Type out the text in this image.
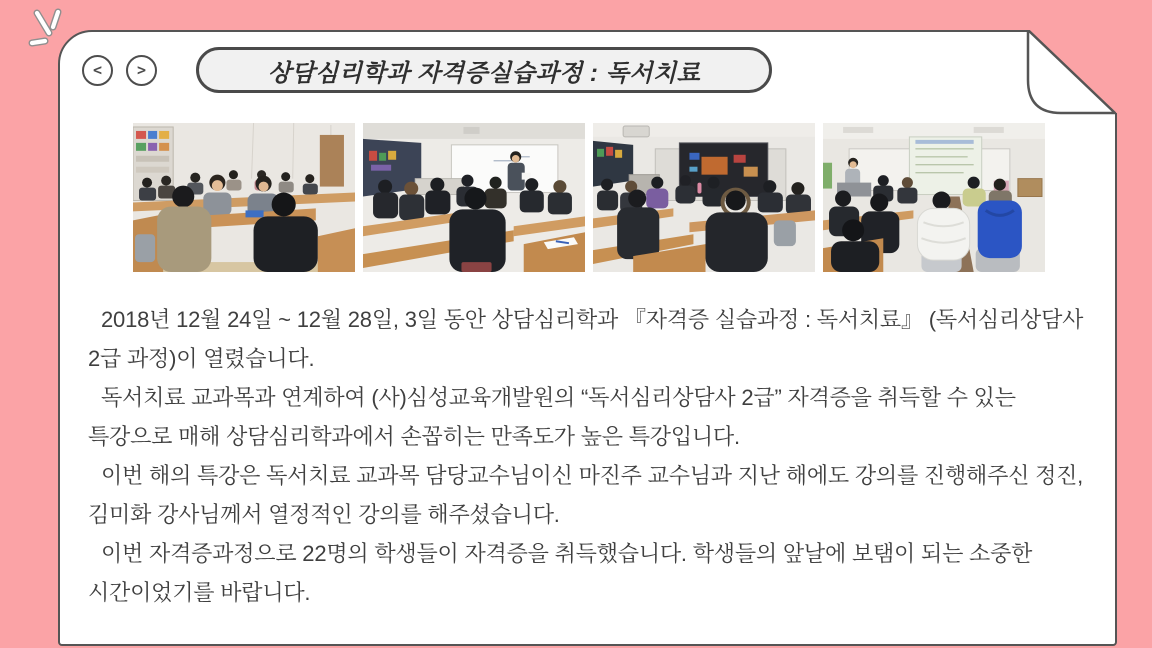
< >	상담심리학과 자격증실습과정 : 독서치료

2018년 12월 24일 ~ 12월 28일, 3일 동안 상담심리학과 『자격증 실습과정 : 독서치료』 (독서심리상담사 2급 과정)이 열렸습니다.

독서치료 교과목과 연계하여 (사)심성교육개발원의 “독서심리상담사 2급” 자격증을 취득할 수 있는 특강으로 매해 상담심리학과에서 손꼽히는 만족도가 높은 특강입니다.

이번 해의 특강은 독서치료 교과목 담당교수님이신 마진주 교수님과 지난 해에도 강의를 진행해주신 정진, 김미화 강사님께서 열정적인 강의를 해주셨습니다.

이번 자격증과정으로 22명의 학생들이 자격증을 취득했습니다. 학생들의 앞날에 보탬이 되는 소중한 시간이었기를 바랍니다.
